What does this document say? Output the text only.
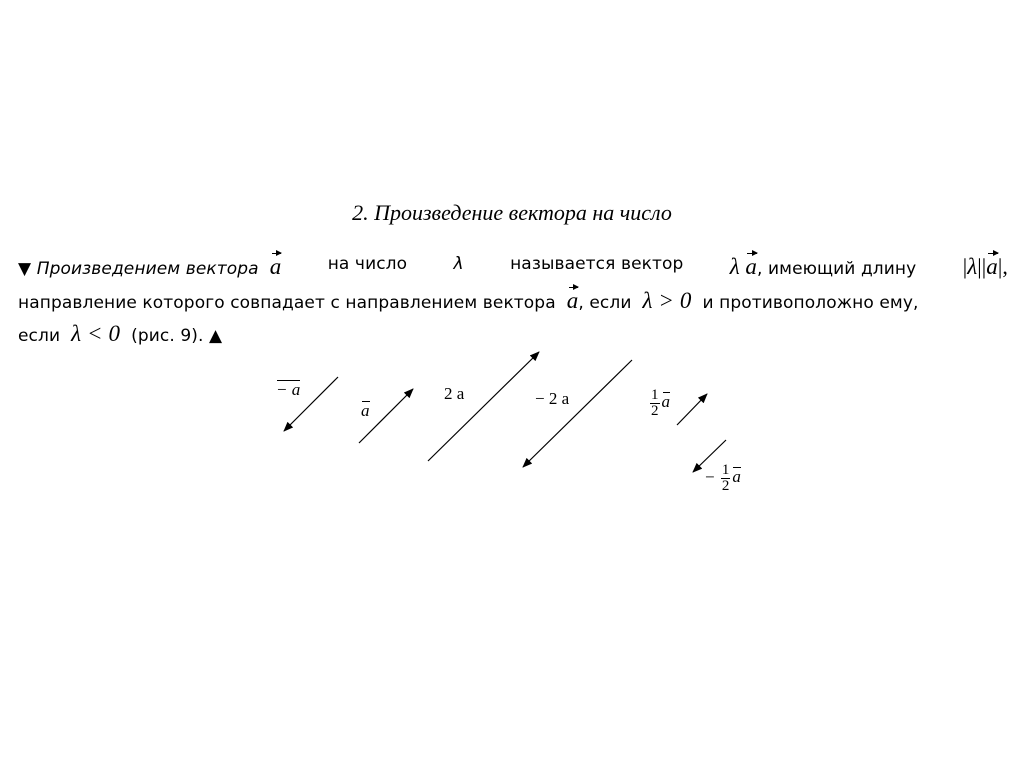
2. Произведение вектора на число
▼ Произведением вектора a	на число	λ	называется вектор λ a, имеющий длину |λ||a|,
направление которого совпадает с направлением вектора a, если λ > 0 и противоположно ему,
если λ < 0 (рис. 9). ▲
− a
a
2 a	− 2 a	$\frac{1}{2}$ a
− $\frac{1}{2}$ a
